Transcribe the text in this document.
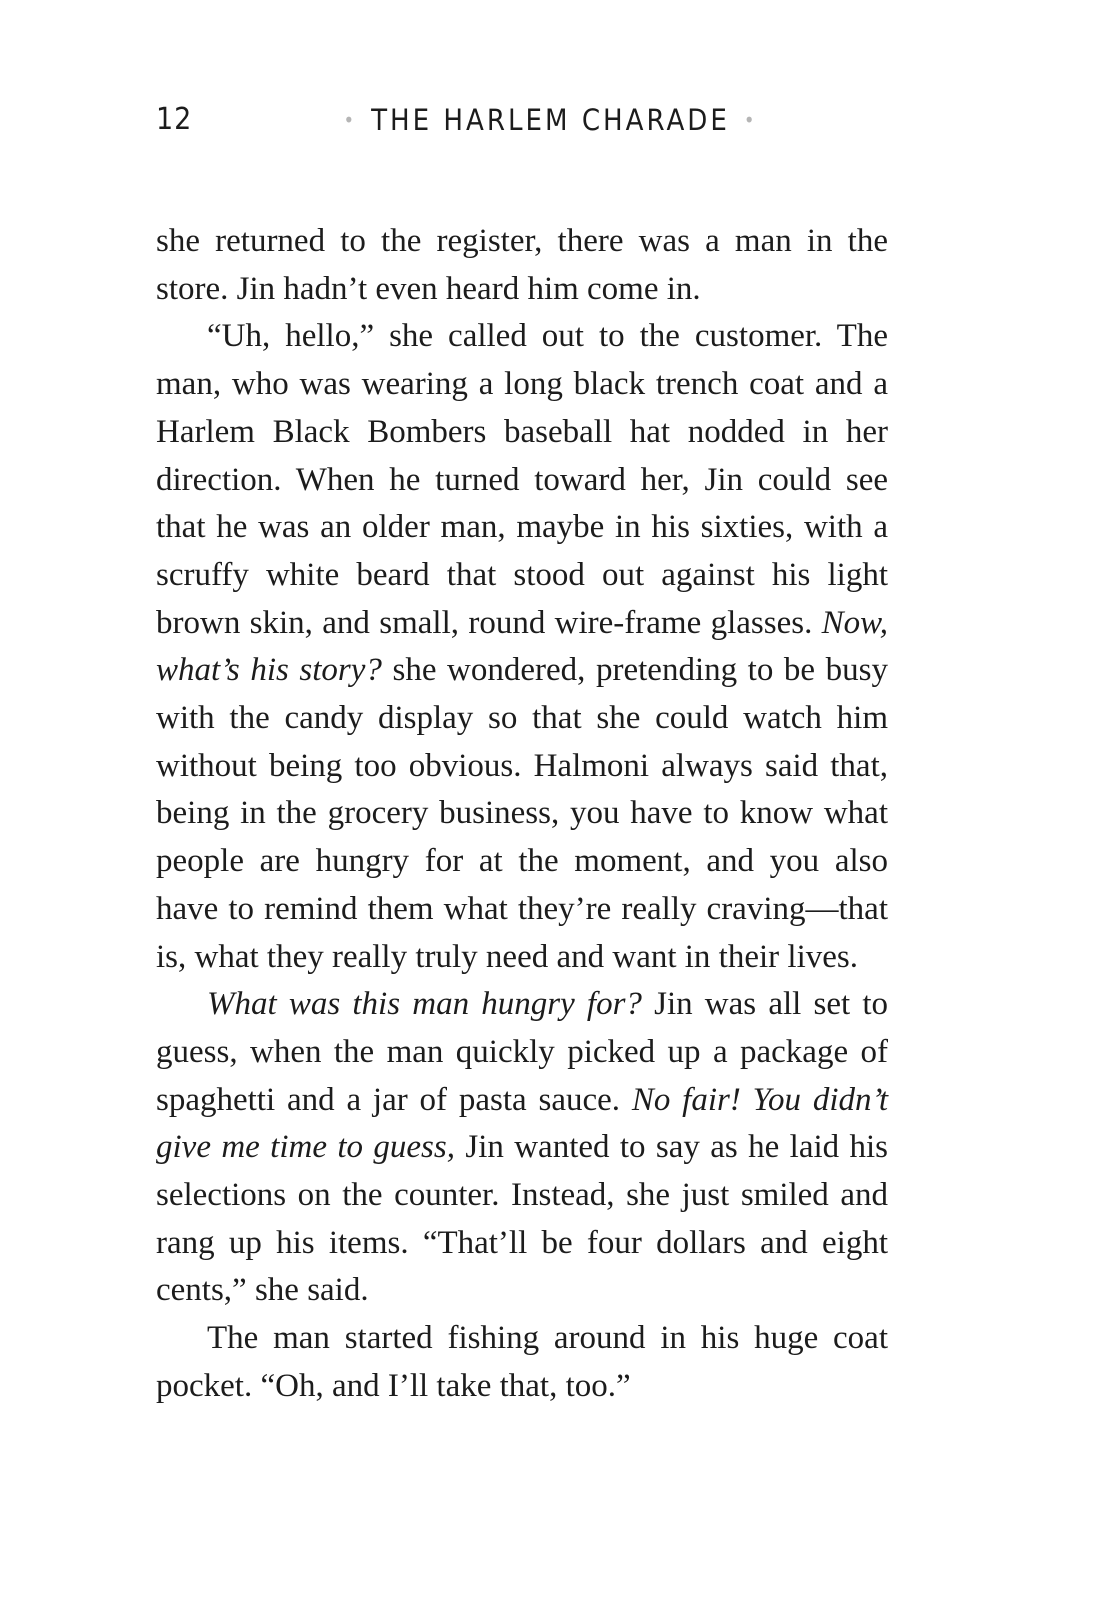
12	• THE HARLEM CHARADE •

she returned to the register, there was a man in the store. Jin hadn’t even heard him come in.

“Uh, hello,” she called out to the customer. The man, who was wearing a long black trench coat and a Harlem Black Bombers baseball hat nodded in her direction. When he turned toward her, Jin could see that he was an older man, maybe in his sixties, with a scruffy white beard that stood out against his light brown skin, and small, round wire-frame glasses. Now, what’s his story? she wondered, pretending to be busy with the candy display so that she could watch him without being too obvious. Halmoni always said that, being in the grocery business, you have to know what people are hungry for at the moment, and you also have to remind them what they’re really craving—that is, what they really truly need and want in their lives.

What was this man hungry for? Jin was all set to guess, when the man quickly picked up a package of spaghetti and a jar of pasta sauce. No fair! You didn’t give me time to guess, Jin wanted to say as he laid his selections on the counter. Instead, she just smiled and rang up his items. “That’ll be four dollars and eight cents,” she said.

The man started fishing around in his huge coat pocket. “Oh, and I’ll take that, too.”
